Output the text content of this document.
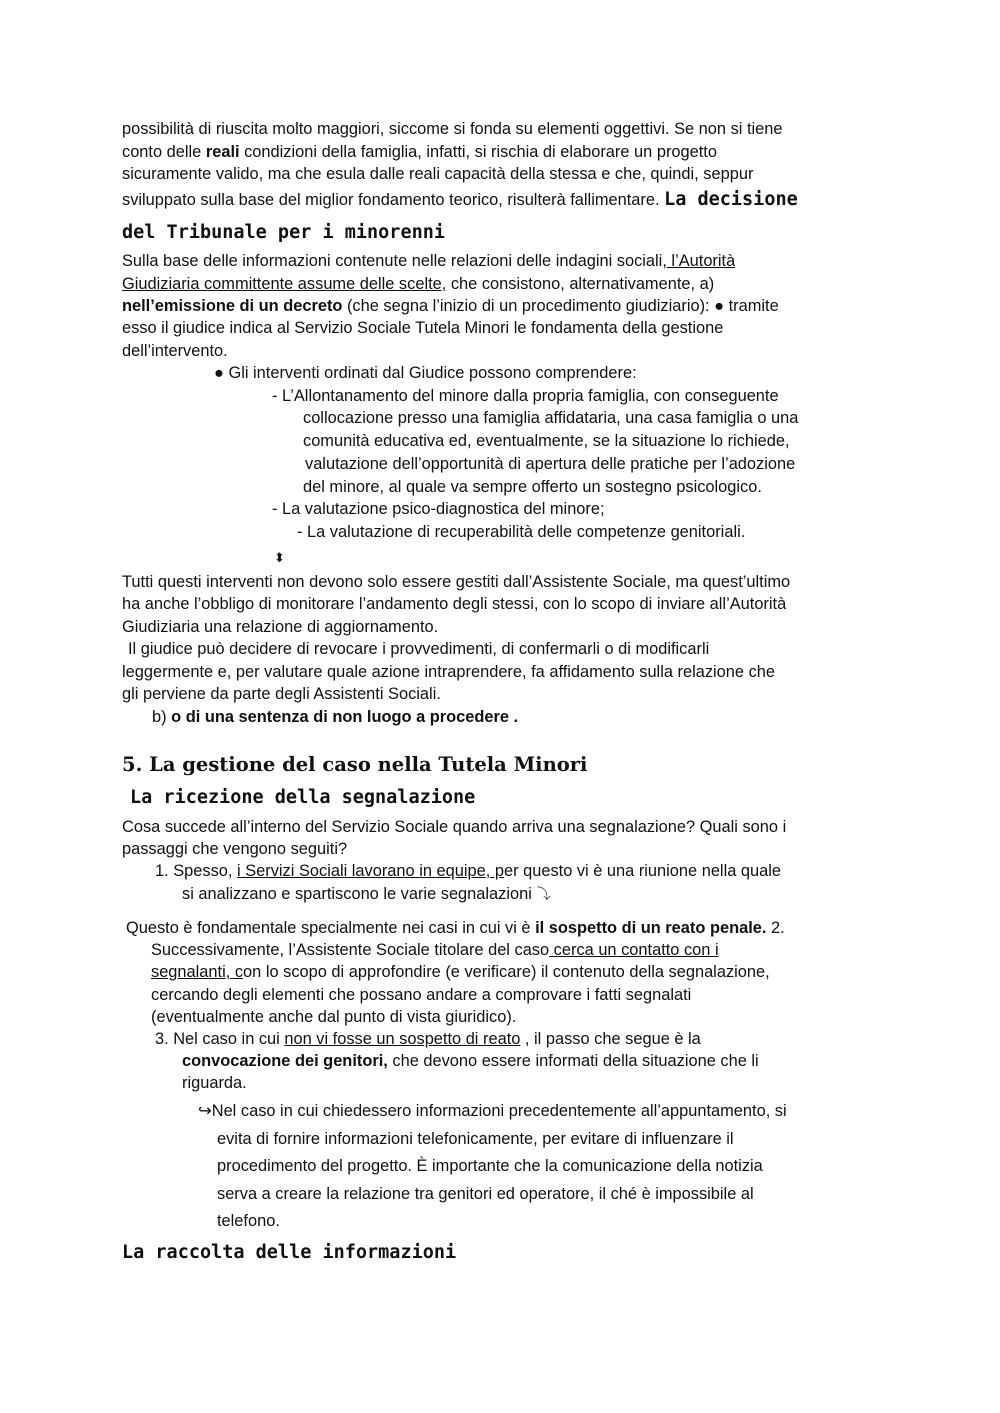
possibilità di riuscita molto maggiori, siccome si fonda su elementi oggettivi. Se non si tiene
conto delle reali condizioni della famiglia, infatti, si rischia di elaborare un progetto
sicuramente valido, ma che esula dalle reali capacità della stessa e che, quindi, seppur
sviluppato sulla base del miglior fondamento teorico, risulterà fallimentare. La decisione
del Tribunale per i minorenni
Sulla base delle informazioni contenute nelle relazioni delle indagini sociali, l’Autorità
Giudiziaria committente assume delle scelte, che consistono, alternativamente, a)
nell’emissione di un decreto (che segna l’inizio di un procedimento giudiziario): ● tramite
esso il giudice indica al Servizio Sociale Tutela Minori le fondamenta della gestione
dell’intervento.
● Gli interventi ordinati dal Giudice possono comprendere:
- L’Allontanamento del minore dalla propria famiglia, con conseguente
collocazione presso una famiglia affidataria, una casa famiglia o una
comunità educativa ed, eventualmente, se la situazione lo richiede,
valutazione dell’opportunità di apertura delle pratiche per l’adozione
del minore, al quale va sempre offerto un sostegno psicologico.
- La valutazione psico-diagnostica del minore;
- La valutazione di recuperabilità delle competenze genitoriali.
⬍
Tutti questi interventi non devono solo essere gestiti dall’Assistente Sociale, ma quest’ultimo
ha anche l’obbligo di monitorare l’andamento degli stessi, con lo scopo di inviare all’Autorità
Giudiziaria una relazione di aggiornamento.
Il giudice può decidere di revocare i provvedimenti, di confermarli o di modificarli
leggermente e, per valutare quale azione intraprendere, fa affidamento sulla relazione che
gli perviene da parte degli Assistenti Sociali.
b) o di una sentenza di non luogo a procedere .
5. La gestione del caso nella Tutela Minori
La ricezione della segnalazione
Cosa succede all’interno del Servizio Sociale quando arriva una segnalazione? Quali sono i
passaggi che vengono seguiti?
1. Spesso, i Servizi Sociali lavorano in equipe, per questo vi è una riunione nella quale
si analizzano e spartiscono le varie segnalazioni ⤵
Questo è fondamentale specialmente nei casi in cui vi è il sospetto di un reato penale. 2.
Successivamente, l’Assistente Sociale titolare del caso cerca un contatto con i
segnalanti, con lo scopo di approfondire (e verificare) il contenuto della segnalazione,
cercando degli elementi che possano andare a comprovare i fatti segnalati
(eventualmente anche dal punto di vista giuridico).
3. Nel caso in cui non vi fosse un sospetto di reato , il passo che segue è la
convocazione dei genitori, che devono essere informati della situazione che li
riguarda.
↪Nel caso in cui chiedessero informazioni precedentemente all’appuntamento, si
evita di fornire informazioni telefonicamente, per evitare di influenzare il
procedimento del progetto. È importante che la comunicazione della notizia
serva a creare la relazione tra genitori ed operatore, il ché è impossibile al
telefono.
La raccolta delle informazioni
